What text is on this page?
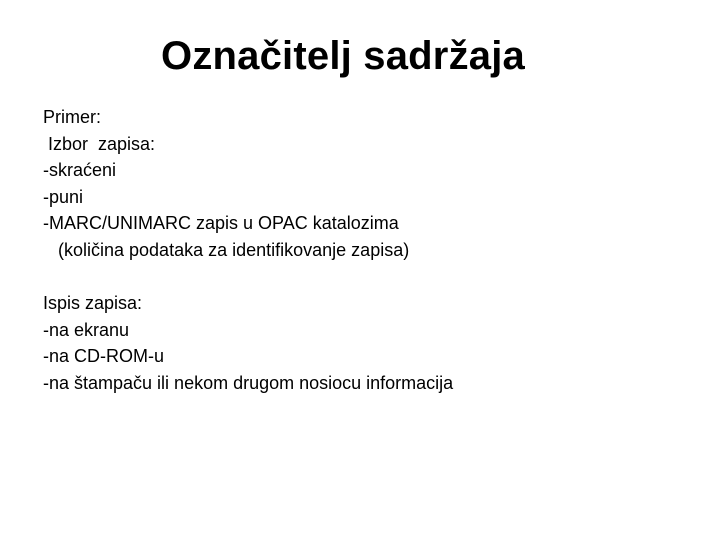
Označitelj sadržaja
Primer:
Izbor  zapisa:
-skraćeni
-puni
-MARC/UNIMARC zapis u OPAC katalozima
(količina podataka za identifikovanje zapisa)
Ispis zapisa:
-na ekranu
-na CD-ROM-u
-na štampaču ili nekom drugom nosiocu informacija
